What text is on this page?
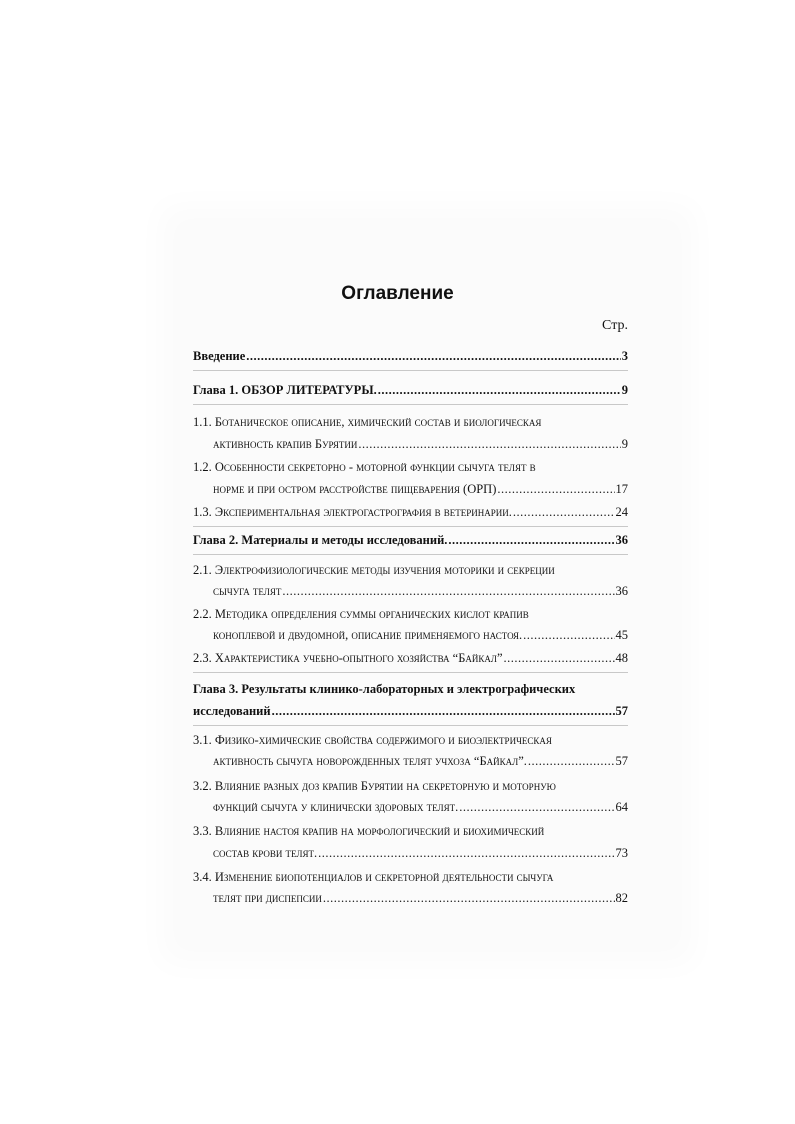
Оглавление
Стр.
Введение .....	3
Глава 1. ОБЗОР ЛИТЕРАТУРЫ. .....	9
1.1. Ботаническое описание, химический состав и биологическая
активность крапив Бурятии .....	9
1.2. Особенности секреторно - моторной функции сычуга телят в
норме и при остром расстройстве пищеварения (ОРП) .....	17
1.3. Экспериментальная электрогастрография в ветеринарии. .....	24
Глава 2. Материалы и методы исследований. .....	36
2.1. Электрофизиологические методы изучения моторики и секреции
сычуга телят .....	36
2.2. Методика определения суммы органических кислот крапив
коноплевой и двудомной, описание применяемого настоя. .....	45
2.3. Характеристика учебно-опытного хозяйства “Байкал” .....	48
Глава 3. Результаты клинико-лабораторных и электрографических
исследований .....	57
3.1. Физико-химические свойства содержимого и биоэлектрическая
активность сычуга новорожденных телят учхоза “Байкал”. .....	57
3.2. Влияние разных доз крапив Бурятии на секреторную и моторную
функций сычуга у клинически здоровых телят. .....	64
3.3. Влияние настоя крапив на морфологический и биохимический
состав крови телят. .....	73
3.4. Изменение биопотенциалов и секреторной деятельности сычуга
телят при диспепсии .....	82
